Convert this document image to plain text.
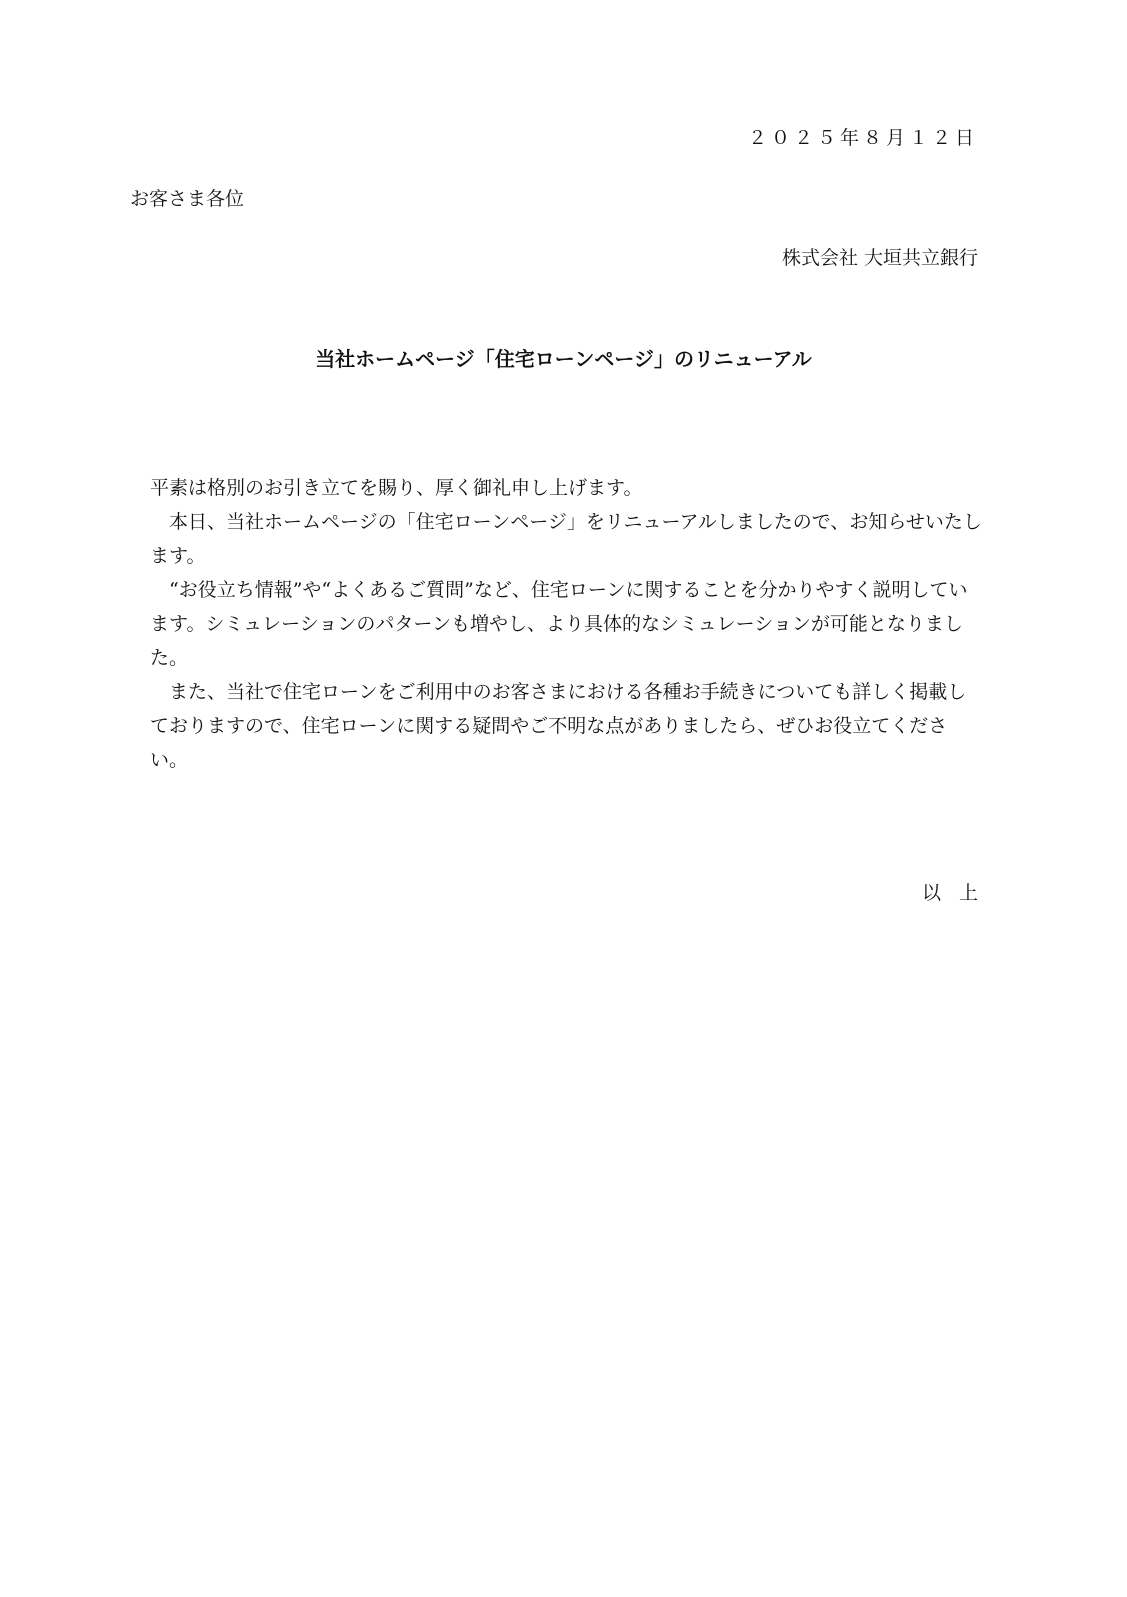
２０２５年８月１２日
お客さま各位
株式会社 大垣共立銀行
当社ホームページ「住宅ローンページ」のリニューアル

平素は格別のお引き立てを賜り、厚く御礼申し上げます。

本日、当社ホームページの「住宅ローンページ」をリニューアルしましたので、お知らせいたします。

“お役立ち情報”や“よくあるご質問”など、住宅ローンに関することを分かりやすく説明しています。シミュレーションのパターンも増やし、より具体的なシミュレーションが可能となりました。

また、当社で住宅ローンをご利用中のお客さまにおける各種お手続きについても詳しく掲載しておりますので、住宅ローンに関する疑問やご不明な点がありましたら、ぜひお役立てください。

以上
